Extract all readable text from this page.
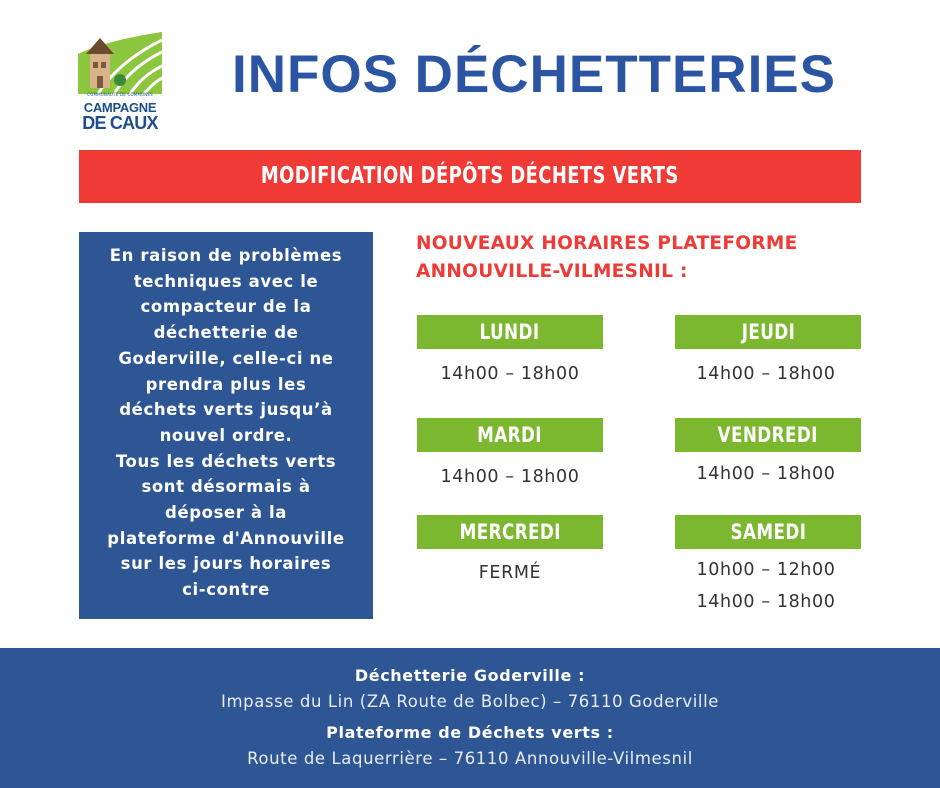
COMMUNAUTÉ DE COMMUNES
CAMPAGNE
DE CAUX
INFOS DÉCHETTERIES
MODIFICATION DÉPÔTS DÉCHETS VERTS
En raison de problèmes
techniques avec le
compacteur de la
déchetterie de
Goderville, celle-ci ne
prendra plus les
déchets verts jusqu’à
nouvel ordre.
Tous les déchets verts
sont désormais à
déposer à la
plateforme d'Annouville
sur les jours horaires
ci-contre
NOUVEAUX HORAIRES PLATEFORME
ANNOUVILLE-VILMESNIL :
LUNDI
14h00 – 18h00
MARDI
14h00 – 18h00
MERCREDI
FERMÉ
JEUDI
14h00 – 18h00
VENDREDI
14h00 – 18h00
SAMEDI
10h00 – 12h00
14h00 – 18h00
Déchetterie Goderville :
Impasse du Lin (ZA Route de Bolbec) – 76110 Goderville
Plateforme de Déchets verts :
Route de Laquerrière – 76110 Annouville-Vilmesnil
